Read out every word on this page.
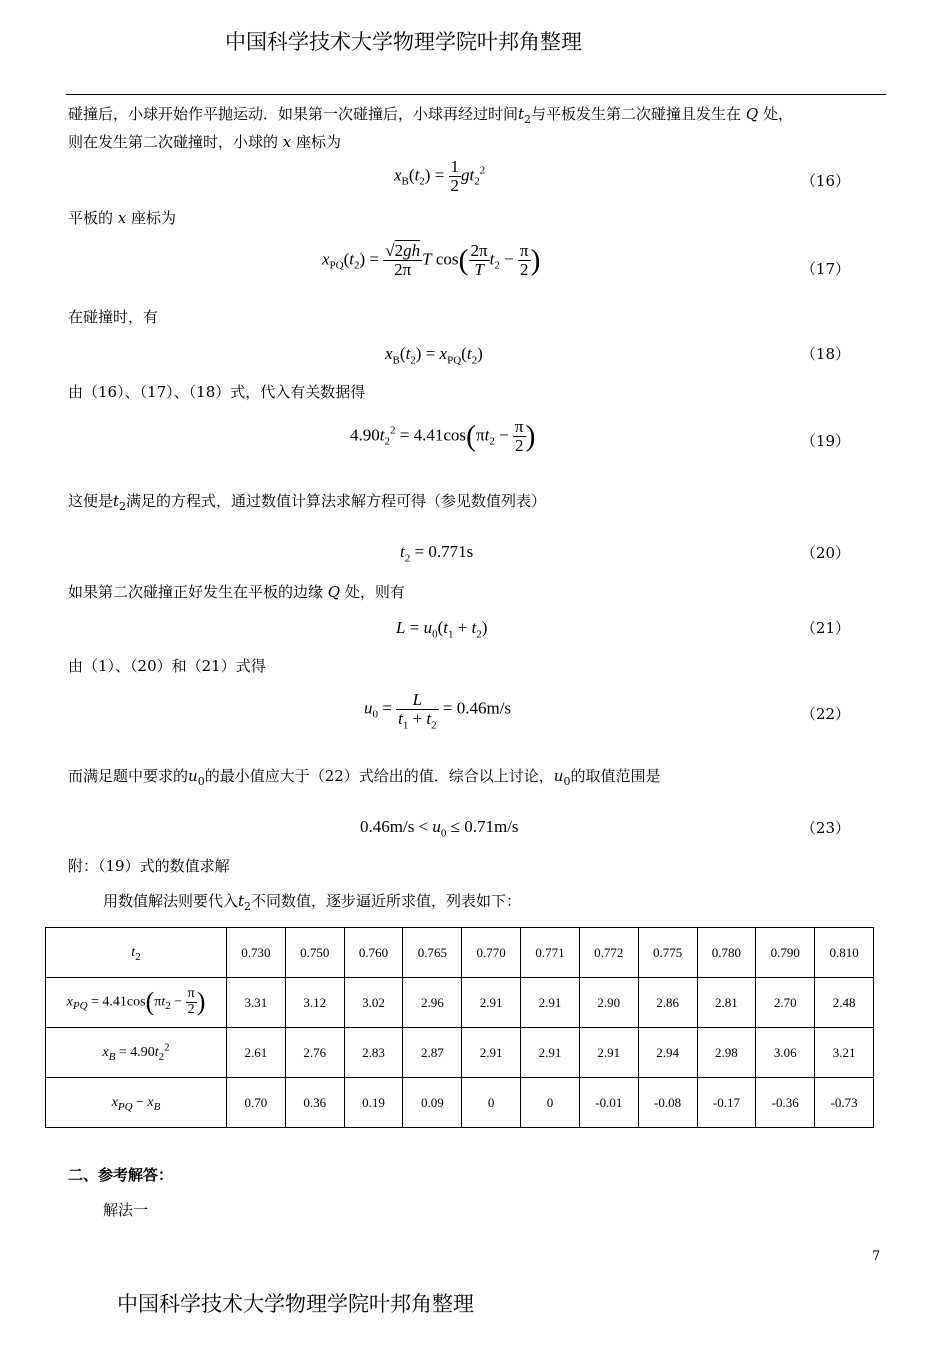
中国科学技术大学物理学院叶邦角整理
碰撞后，小球开始作平抛运动．如果第一次碰撞后，小球再经过时间$t_2$与平板发生第二次碰撞且发生在 Q 处，
则在发生第二次碰撞时，小球的 x 座标为
$x_B(t_2) = \frac{1}{2} gt_2^2$
（16）
平板的 x 座标为
$x_{PQ}(t_2) = \frac{√2gh}{2\pi}$ T $\cos( \frac{2\pi}{T} t_2 - \frac{\pi}{2}$ )	（17）
在碰撞时，有
$x_B(t_2) = x_{PQ}(t_2)$	（18）
由（16）、（17）、（18）式，代入有关数据得
$4.90t_2^2 = 4.41\cos(\pi t_2 - \frac{\pi}{2}$ )	（19）
这便是$t_2$满足的方程式，通过数值计算法求解方程可得（参见数值列表）
$t_2 = 0.771s$	（20）
如果第二次碰撞正好发生在平板的边缘 Q 处，则有
$L = u_0(t_1 + t_2)$	（21）
由（1）、（20）和（21）式得
$u_0 = \frac{L}{t_1 + t_2} = 0.46m/s$	（22）
而满足题中要求的$u_0$的最小值应大于（22）式给出的值．综合以上讨论，$u_0$的取值范围是
$0.46m/s < u_0 \le 0.71m/s$	（23）
附：（19）式的数值求解
用数值解法则要代入$t_2$不同数值，逐步逼近所求值，列表如下：
$t_2$	0.730	0.750	0.760	0.765	0.770	0.771	0.772	0.775	0.780	0.790	0.810
$x_{PQ} = 4.41\cos(\pi t_2 - \frac{\pi}{2}$ )	3.31	3.12	3.02	2.96	2.91	2.91	2.90	2.86	2.81	2.70	2.48
$x_B = 4.90t_2^2$	2.61	2.76	2.83	2.87	2.91	2.91	2.91	2.94	2.98	3.06	3.21
$x_{PQ} - x_B$	0.70	0.36	0.19	0.09	0	0	-0.01	-0.08	-0.17	-0.36	-0.73
二、参考解答：
解法一
7
中国科学技术大学物理学院叶邦角整理
